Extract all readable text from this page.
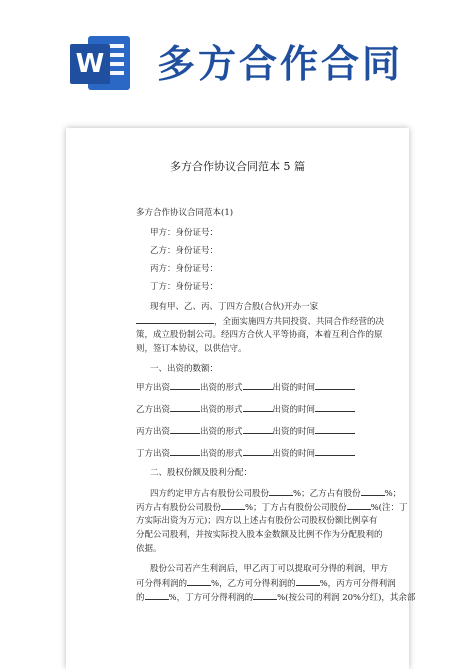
W 多方合作合同
多方合作协议合同范本 5 篇
多方合作协议合同范本(1)
甲方：身份证号：
乙方：身份证号：
丙方：身份证号：
丁方：身份证号：
现有甲、乙、丙、丁四方合股(合伙)开办一家
，全面实施四方共同投资、共同合作经营的决
策，成立股份制公司。经四方合伙人平等协商，本着互利合作的原
则，签订本协议，以供信守。
一、出资的数额：
甲方出资	出资的形式	出资的时间
乙方出资	出资的形式	出资的时间
丙方出资	出资的形式	出资的时间
丁方出资	出资的形式	出资的时间
二、股权份额及股利分配：
四方约定甲方占有股份公司股份	%；乙方占有股份	%；
丙方占有股份公司股份	%；丁方占有股份公司股份	%(注：丁
方实际出资为万元)；四方以上述占有股份公司股权份额比例享有
分配公司股利，并按实际投入股本金数额及比例不作为分配股利的
依据。
股份公司若产生利润后，甲乙丙丁可以提取可分得的利润，甲方
可分得利润的	%，乙方可分得利润的	%，丙方可分得利润
的	%，丁方可分得利润的	%(按公司的利润 20%分红)，其余部
